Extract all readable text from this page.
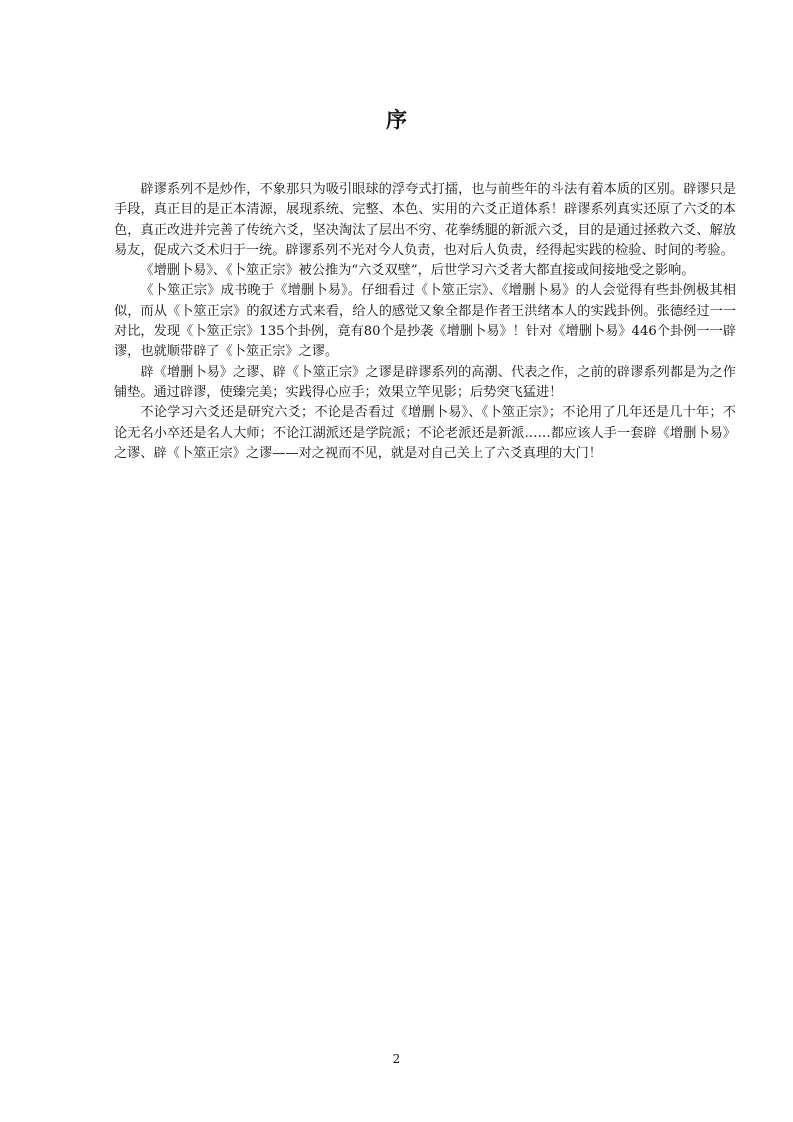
序

辟谬系列不是炒作，不象那只为吸引眼球的浮夸式打擂，也与前些年的斗法有着本质的区别。辟谬只是手段，真正目的是正本清源，展现系统、完整、本色、实用的六爻正道体系！辟谬系列真实还原了六爻的本色，真正改进并完善了传统六爻，坚决淘汰了层出不穷、花拳绣腿的新派六爻，目的是通过拯救六爻、解放易友，促成六爻术归于一统。辟谬系列不光对今人负责，也对后人负责，经得起实践的检验、时间的考验。

《增删卜易》、《卜筮正宗》被公推为“六爻双壁”，后世学习六爻者大都直接或间接地受之影响。

《卜筮正宗》成书晚于《增删卜易》。仔细看过《卜筮正宗》、《增删卜易》的人会觉得有些卦例极其相似，而从《卜筮正宗》的叙述方式来看，给人的感觉又象全都是作者王洪绪本人的实践卦例。张德经过一一对比，发现《卜筮正宗》135个卦例，竟有80个是抄袭《增删卜易》！针对《增删卜易》446个卦例一一辟谬，也就顺带辟了《卜筮正宗》之谬。

辟《增删卜易》之谬、辟《卜筮正宗》之谬是辟谬系列的高潮、代表之作，之前的辟谬系列都是为之作铺垫。通过辟谬，使臻完美；实践得心应手；效果立竿见影；后势突飞猛进！

不论学习六爻还是研究六爻；不论是否看过《增删卜易》、《卜筮正宗》；不论用了几年还是几十年；不论无名小卒还是名人大师；不论江湖派还是学院派；不论老派还是新派……都应该人手一套辟《增删卜易》之谬、辟《卜筮正宗》之谬——对之视而不见，就是对自己关上了六爻真理的大门！

2
